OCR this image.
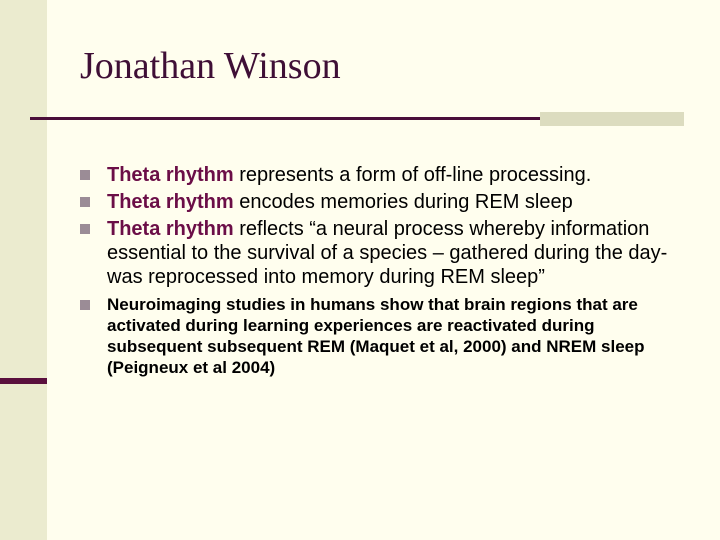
Jonathan Winson
Theta rhythm represents a form of off-line processing.
Theta rhythm encodes memories during REM sleep
Theta rhythm reflects “a neural process whereby information essential to the survival of a species – gathered during the day- was reprocessed into memory during REM sleep”
Neuroimaging studies in humans show that brain regions that are activated during learning experiences are reactivated during subsequent subsequent REM (Maquet et al, 2000) and NREM sleep (Peigneux et al 2004)
